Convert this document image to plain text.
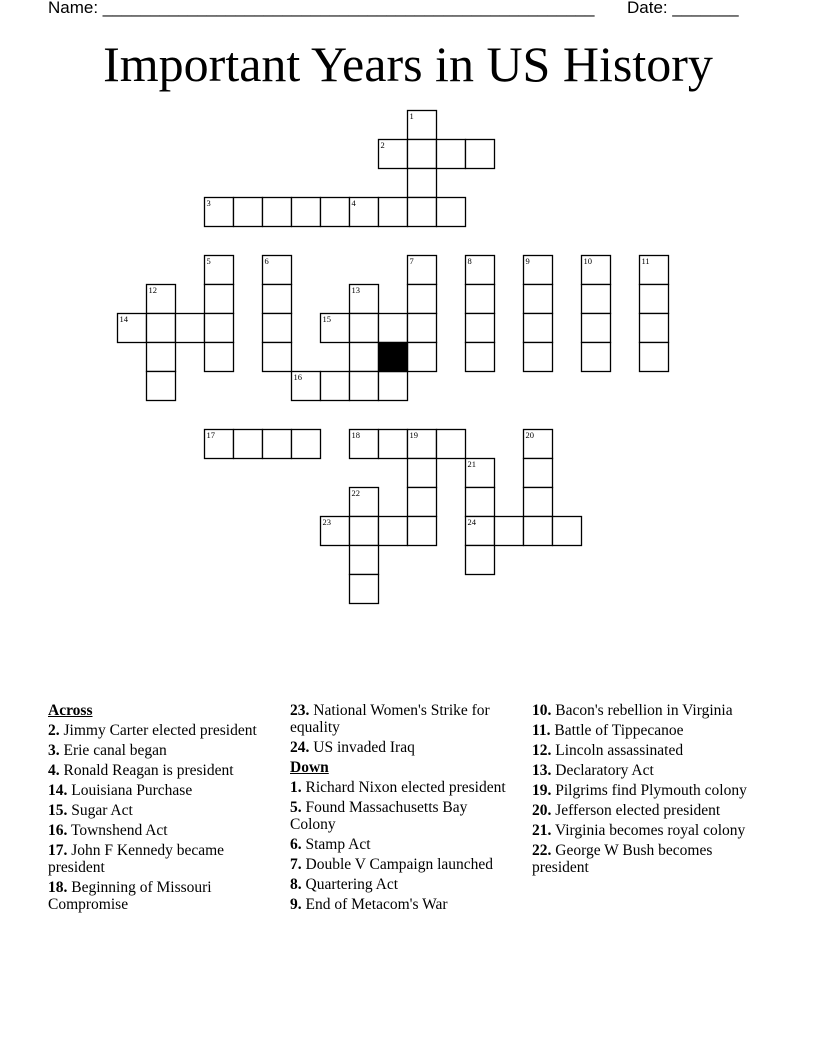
Name: ____________________________________________________ Date: _______
Important Years in US History
1
2
3	4
5	6	7	8	9	10	11
12	13
14	15
16
17	18	19	20
21
22
23	24
Across
2. Jimmy Carter elected president
3. Erie canal began
4. Ronald Reagan is president
14. Louisiana Purchase
15. Sugar Act
16. Townshend Act
17. John F Kennedy became president
18. Beginning of Missouri Compromise
23. National Women's Strike for equality
24. US invaded Iraq
Down
1. Richard Nixon elected president
5. Found Massachusetts Bay Colony
6. Stamp Act
7. Double V Campaign launched
8. Quartering Act
9. End of Metacom's War
10. Bacon's rebellion in Virginia
11. Battle of Tippecanoe
12. Lincoln assassinated
13. Declaratory Act
19. Pilgrims find Plymouth colony
20. Jefferson elected president
21. Virginia becomes royal colony
22. George W Bush becomes president
